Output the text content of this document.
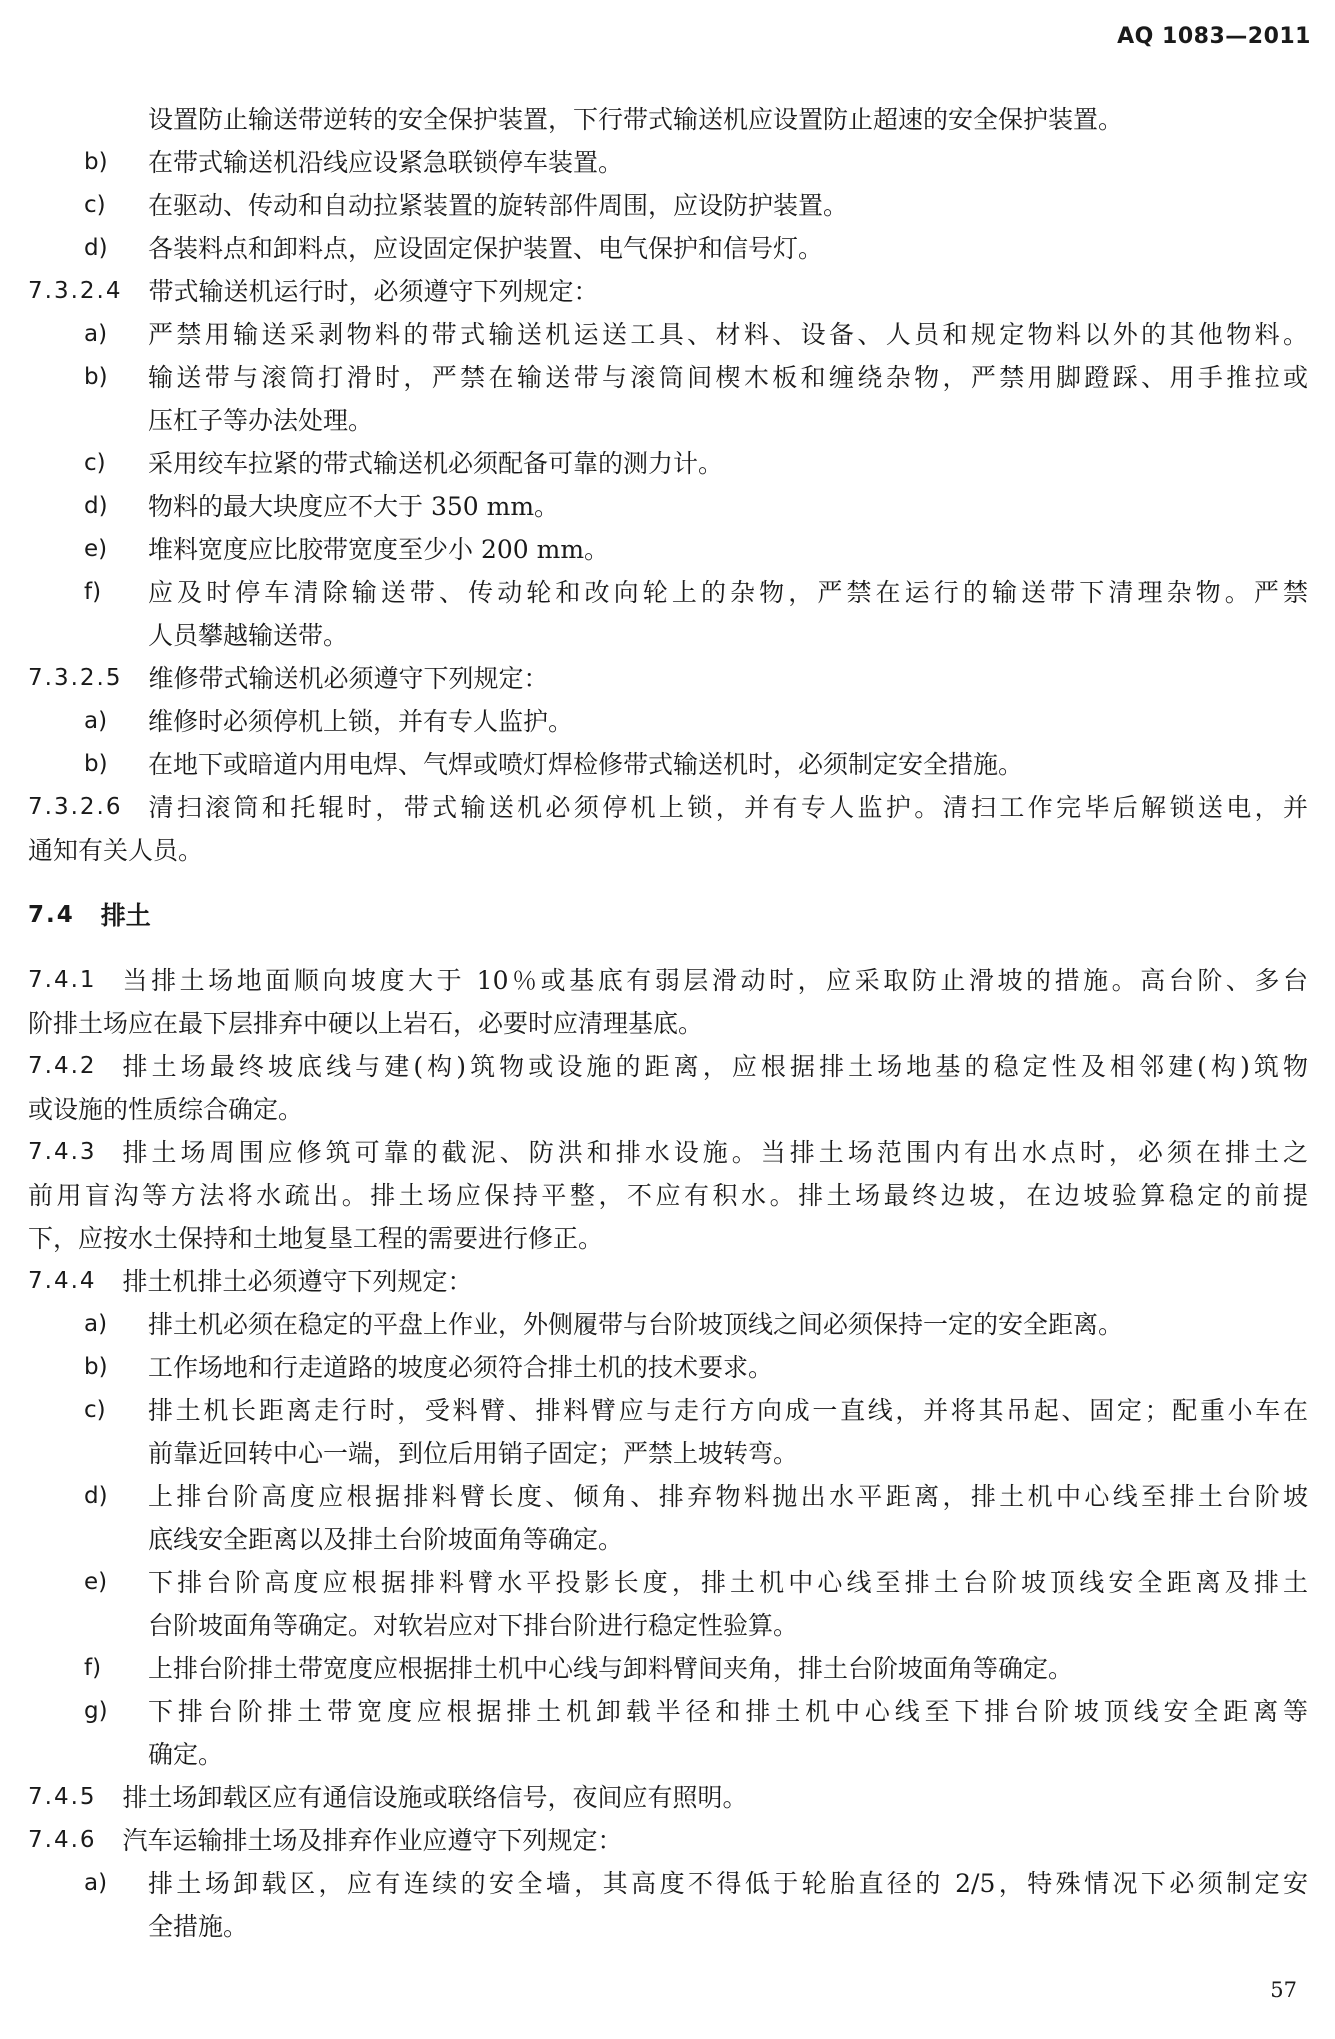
AQ 1083—2011
设置防止输送带逆转的安全保护装置，下行带式输送机应设置防止超速的安全保护装置。
b) 在带式输送机沿线应设紧急联锁停车装置。
c) 在驱动、传动和自动拉紧装置的旋转部件周围，应设防护装置。
d) 各装料点和卸料点，应设固定保护装置、电气保护和信号灯。
7.3.2.4 带式输送机运行时，必须遵守下列规定：
a) 严禁用输送采剥物料的带式输送机运送工具、材料、设备、人员和规定物料以外的其他物料。
b) 输送带与滚筒打滑时，严禁在输送带与滚筒间楔木板和缠绕杂物，严禁用脚蹬踩、用手推拉或
压杠子等办法处理。
c) 采用绞车拉紧的带式输送机必须配备可靠的测力计。
d) 物料的最大块度应不大于 350 mm。
e) 堆料宽度应比胶带宽度至少小 200 mm。
f) 应及时停车清除输送带、传动轮和改向轮上的杂物，严禁在运行的输送带下清理杂物。严禁
人员攀越输送带。
7.3.2.5 维修带式输送机必须遵守下列规定：
a) 维修时必须停机上锁，并有专人监护。
b) 在地下或暗道内用电焊、气焊或喷灯焊检修带式输送机时，必须制定安全措施。
7.3.2.6 清扫滚筒和托辊时，带式输送机必须停机上锁，并有专人监护。清扫工作完毕后解锁送电，并
通知有关人员。
7.4 排土
7.4.1 当排土场地面顺向坡度大于 10％或基底有弱层滑动时，应采取防止滑坡的措施。高台阶、多台
阶排土场应在最下层排弃中硬以上岩石，必要时应清理基底。
7.4.2 排土场最终坡底线与建(构)筑物或设施的距离，应根据排土场地基的稳定性及相邻建(构)筑物
或设施的性质综合确定。
7.4.3 排土场周围应修筑可靠的截泥、防洪和排水设施。当排土场范围内有出水点时，必须在排土之
前用盲沟等方法将水疏出。排土场应保持平整，不应有积水。排土场最终边坡，在边坡验算稳定的前提
下，应按水土保持和土地复垦工程的需要进行修正。
7.4.4 排土机排土必须遵守下列规定：
a) 排土机必须在稳定的平盘上作业，外侧履带与台阶坡顶线之间必须保持一定的安全距离。
b) 工作场地和行走道路的坡度必须符合排土机的技术要求。
c) 排土机长距离走行时，受料臂、排料臂应与走行方向成一直线，并将其吊起、固定；配重小车在
前靠近回转中心一端，到位后用销子固定；严禁上坡转弯。
d) 上排台阶高度应根据排料臂长度、倾角、排弃物料抛出水平距离，排土机中心线至排土台阶坡
底线安全距离以及排土台阶坡面角等确定。
e) 下排台阶高度应根据排料臂水平投影长度，排土机中心线至排土台阶坡顶线安全距离及排土
台阶坡面角等确定。对软岩应对下排台阶进行稳定性验算。
f) 上排台阶排土带宽度应根据排土机中心线与卸料臂间夹角，排土台阶坡面角等确定。
g) 下排台阶排土带宽度应根据排土机卸载半径和排土机中心线至下排台阶坡顶线安全距离等
确定。
7.4.5 排土场卸载区应有通信设施或联络信号，夜间应有照明。
7.4.6 汽车运输排土场及排弃作业应遵守下列规定：
a) 排土场卸载区，应有连续的安全墙，其高度不得低于轮胎直径的 2/5，特殊情况下必须制定安
全措施。
57
